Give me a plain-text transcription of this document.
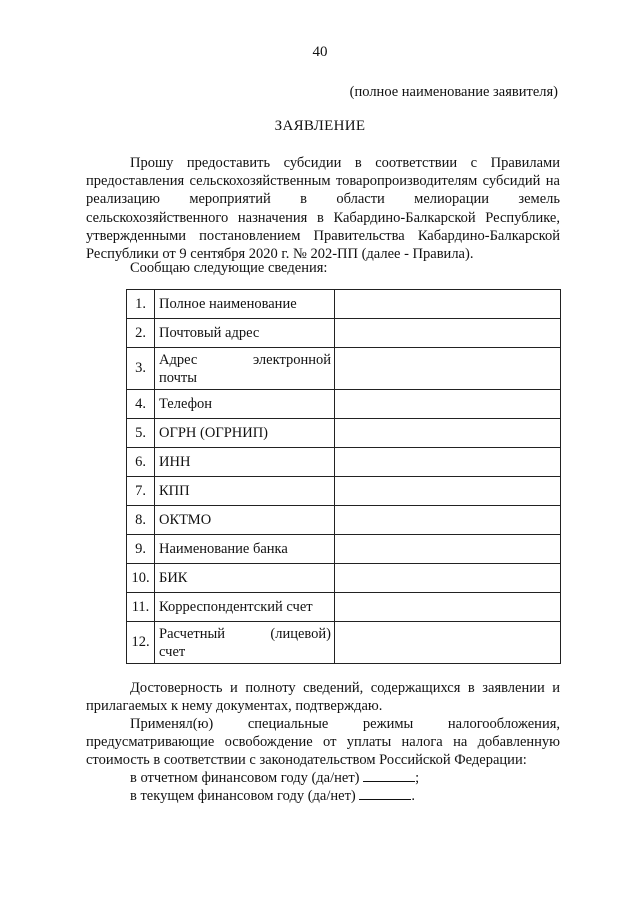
40
(полное наименование заявителя)
ЗАЯВЛЕНИЕ
Прошу предоставить субсидии в соответствии с Правилами предоставления сельскохозяйственным товаропроизводителям субсидий на реализацию мероприятий в области мелиорации земель сельскохозяйственного назначения в Кабардино-Балкарской Республике, утвержденными постановлением Правительства Кабардино-Балкарской Республики от 9 сентября 2020 г. № 202-ПП (далее - Правила).
Сообщаю следующие сведения:
1.	Полное наименование	
2.	Почтовый адрес	
3.	Адрес электронной
почты	

4.	Телефон	
5.	ОГРН (ОГРНИП)	
6.	ИНН	
7.	КПП	
8.	ОКТМО	
9.	Наименование банка	
10.	БИК	
11.	Корреспондентский счет	
12.	Расчетный (лицевой)
счет	

Достоверность и полноту сведений, содержащихся в заявлении и прилагаемых к нему документах, подтверждаю.
Применял(ю) специальные режимы налогообложения, предусматривающие освобождение от уплаты налога на добавленную стоимость в соответствии с законодательством Российской Федерации:
в отчетном финансовом году (да/нет)	;
в текущем финансовом году (да/нет)	.
